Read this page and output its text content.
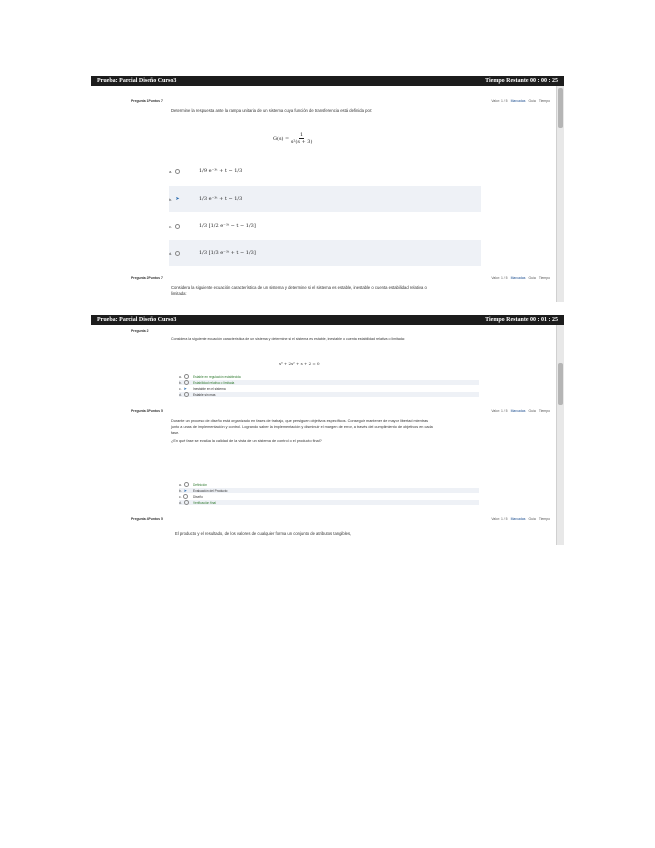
Prueba: Parcial Diseño Curso3	Tiempo Restante 00 : 00 : 25
Pregunta 1Puntos 7	Valor: 1 / 5 Marcadas Guía Tiempo

Determine la respuesta ante la rampa unitaria de un sistema cuya función de transferencia está definida por:

$G(s) = \frac{1}{\text{s²(s + 3)}}$
a.	1/9 e⁻³ᵗ + t − 1/3
b. ➤	1/3 e⁻³ᵗ + t − 1/3
c.	1/3 [1/2 e⁻³ᵗ − t − 1/3]
d.	1/3 [1/3 e⁻³ᵗ + t − 1/3]
Pregunta 2Puntos 7	Valor: 1 / 5 Marcadas Guía Tiempo

Considera la siguiente ecuación característica de un sistema y determine si el sistema es estable, inestable o cuenta estabilidad relativa o limitada:

Prueba: Parcial Diseño Curso3	Tiempo Restante 00 : 01 : 25
Pregunta 2

Considera la siguiente ecuación característica de un sistema y determine si el sistema es estable, inestable o cuenta estabilidad relativa o limitada:

s³ + 2s² + s + 2 = 0
a.	Estable en regulación establecida
b.	Estabilidad relativa o limitada
c. ➤ Inestable en el sistema
d.	Estable sin mas
Pregunta 3Puntos 5	Valor: 1 / 5 Marcadas Guía Tiempo

Durante un proceso de diseño está organizado en fases de trabajo, que persiguen objetivos específicos. Conseguir mantener de mayor libertad mientras junto a unas de implementación y control. Logrando saber la implementación y disminuir el margen de error, a través del cumplimiento de objetivos en cada fase.

¿En qué fase se evalúa la calidad de la vista de un sistema de control o el producto final?

a.	Definición
b. ➤ Evaluación del Producto
c.	Diseño
d.	Verificación final
Pregunta 4Puntos 5	Valor: 1 / 5 Marcadas Guía Tiempo

El producto y el resultado, de los valores de cualquier forma un conjunto de atributos tangibles,
